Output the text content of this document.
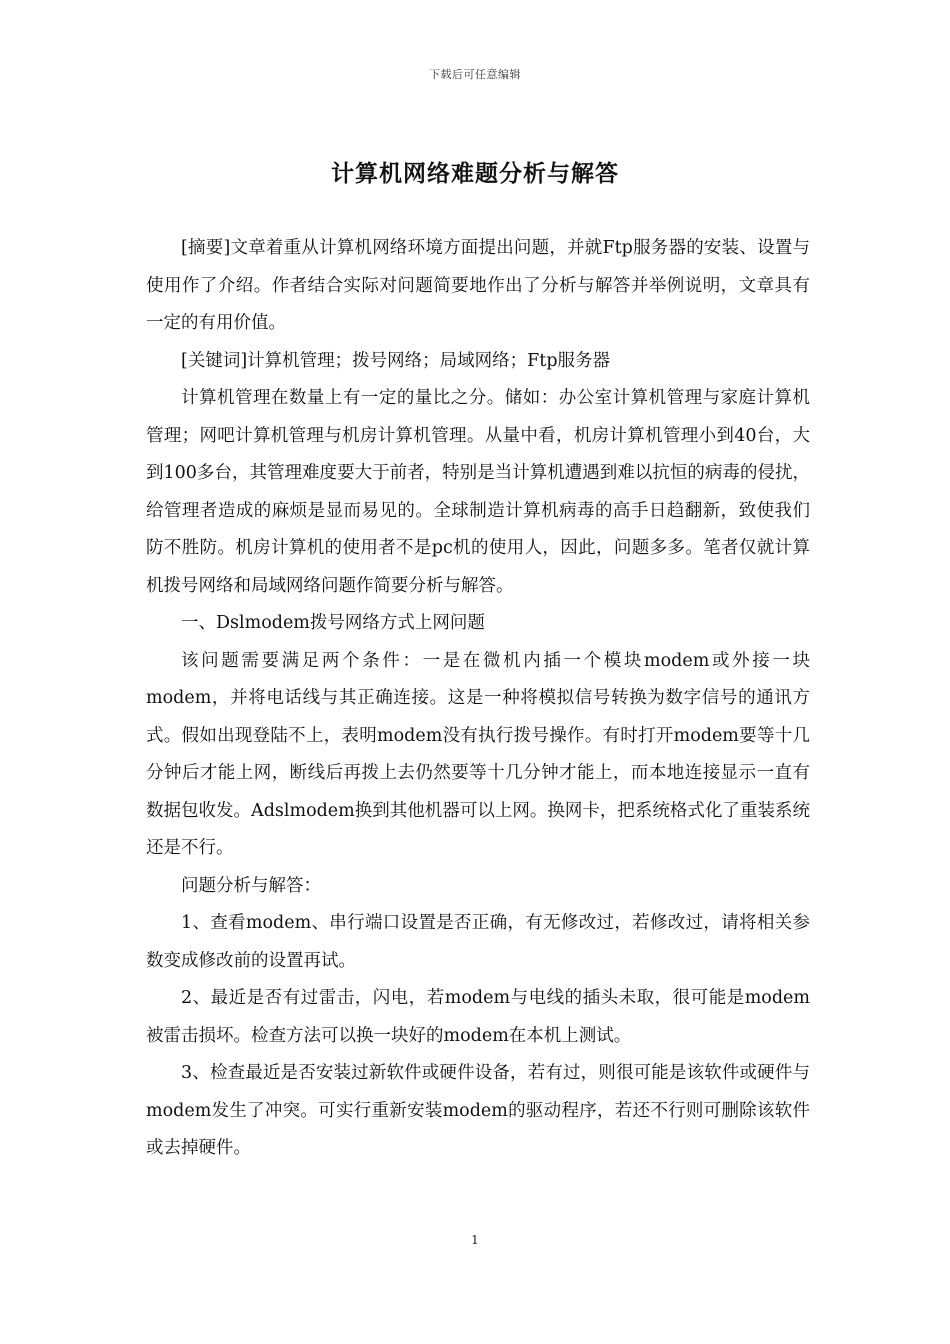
下载后可任意编辑
计算机网络难题分析与解答

[摘要]文章着重从计算机网络环境方面提出问题，并就Ftp服务器的安装、设置与使用作了介绍。作者结合实际对问题简要地作出了分析与解答并举例说明，文章具有一定的有用价值。

[关键词]计算机管理；拨号网络；局域网络；Ftp服务器

计算机管理在数量上有一定的量比之分。储如：办公室计算机管理与家庭计算机管理；网吧计算机管理与机房计算机管理。从量中看，机房计算机管理小到40台，大到100多台，其管理难度要大于前者，特别是当计算机遭遇到难以抗恒的病毒的侵扰，给管理者造成的麻烦是显而易见的。全球制造计算机病毒的高手日趋翻新，致使我们防不胜防。机房计算机的使用者不是pc机的使用人，因此，问题多多。笔者仅就计算机拨号网络和局域网络问题作简要分析与解答。

一、Dslmodem拨号网络方式上网问题

该问题需要满足两个条件：一是在微机内插一个模块modem或外接一块modem，并将电话线与其正确连接。这是一种将模拟信号转换为数字信号的通讯方式。假如出现登陆不上，表明modem没有执行拨号操作。有时打开modem要等十几分钟后才能上网，断线后再拨上去仍然要等十几分钟才能上，而本地连接显示一直有数据包收发。Adslmodem换到其他机器可以上网。换网卡，把系统格式化了重装系统还是不行。

问题分析与解答：

1、查看modem、串行端口设置是否正确，有无修改过，若修改过，请将相关参数变成修改前的设置再试。

2、最近是否有过雷击，闪电，若modem与电线的插头未取，很可能是modem被雷击损坏。检查方法可以换一块好的modem在本机上测试。

3、检查最近是否安装过新软件或硬件设备，若有过，则很可能是该软件或硬件与modem发生了冲突。可实行重新安装modem的驱动程序，若还不行则可删除该软件或去掉硬件。

1
